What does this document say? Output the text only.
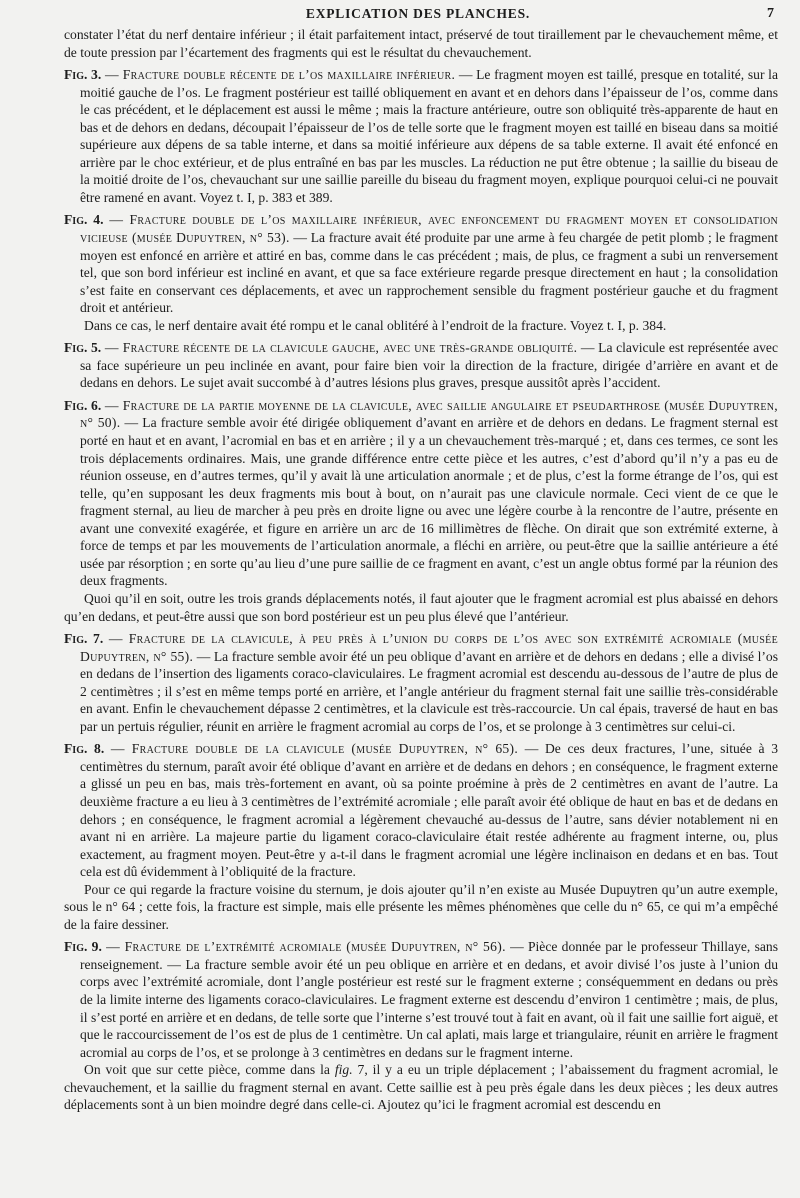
EXPLICATION DES PLANCHES.	7

constater l’état du nerf dentaire inférieur ; il était parfaitement intact, préservé de tout tiraillement par le chevauchement même, et de toute pression par l’écartement des fragments qui est le résultat du chevauchement.

Fig. 3. — Fracture double récente de l’os maxillaire inférieur. — Le fragment moyen est taillé, presque en totalité, sur la moitié gauche de l’os. Le fragment postérieur est taillé obliquement en avant et en dehors dans l’épaisseur de l’os, comme dans le cas précédent, et le déplacement est aussi le même ; mais la fracture antérieure, outre son obliquité très-apparente de haut en bas et de dehors en dedans, découpait l’épaisseur de l’os de telle sorte que le fragment moyen est taillé en biseau dans sa moitié supérieure aux dépens de sa table interne, et dans sa moitié inférieure aux dépens de sa table externe. Il avait été enfoncé en arrière par le choc extérieur, et de plus entraîné en bas par les muscles. La réduction ne put être obtenue ; la saillie du biseau de la moitié droite de l’os, chevauchant sur une saillie pareille du biseau du fragment moyen, explique pourquoi celui-ci ne pouvait être ramené en avant. Voyez t. I, p. 383 et 389.

Fig. 4. — Fracture double de l’os maxillaire inférieur, avec enfoncement du fragment moyen et consolidation vicieuse (musée Dupuytren, n° 53). — La fracture avait été produite par une arme à feu chargée de petit plomb ; le fragment moyen est enfoncé en arrière et attiré en bas, comme dans le cas précédent ; mais, de plus, ce fragment a subi un renversement tel, que son bord inférieur est incliné en avant, et que sa face extérieure regarde presque directement en haut ; la consolidation s’est faite en conservant ces déplacements, et avec un rapprochement sensible du fragment postérieur gauche et du fragment droit et antérieur.

Dans ce cas, le nerf dentaire avait été rompu et le canal oblitéré à l’endroit de la fracture. Voyez t. I, p. 384.

Fig. 5. — Fracture récente de la clavicule gauche, avec une très-grande obliquité. — La clavicule est représentée avec sa face supérieure un peu inclinée en avant, pour faire bien voir la direction de la fracture, dirigée d’arrière en avant et de dedans en dehors. Le sujet avait succombé à d’autres lésions plus graves, presque aussitôt après l’accident.

Fig. 6. — Fracture de la partie moyenne de la clavicule, avec saillie angulaire et pseudarthrose (musée Dupuytren, n° 50). — La fracture semble avoir été dirigée obliquement d’avant en arrière et de dehors en dedans. Le fragment sternal est porté en haut et en avant, l’acromial en bas et en arrière ; il y a un chevauchement très-marqué ; et, dans ces termes, ce sont les trois déplacements ordinaires. Mais, une grande différence entre cette pièce et les autres, c’est d’abord qu’il n’y a pas eu de réunion osseuse, en d’autres termes, qu’il y avait là une articulation anormale ; et de plus, c’est la forme étrange de l’os, qui est telle, qu’en supposant les deux fragments mis bout à bout, on n’aurait pas une clavicule normale. Ceci vient de ce que le fragment sternal, au lieu de marcher à peu près en droite ligne ou avec une légère courbe à la rencontre de l’autre, présente en avant une convexité exagérée, et figure en arrière un arc de 16 millimètres de flèche. On dirait que son extrémité externe, à force de temps et par les mouvements de l’articulation anormale, a fléchi en arrière, ou peut-être que la saillie antérieure a été usée par résorption ; en sorte qu’au lieu d’une pure saillie de ce fragment en avant, c’est un angle obtus formé par la réunion des deux fragments.

Quoi qu’il en soit, outre les trois grands déplacements notés, il faut ajouter que le fragment acromial est plus abaissé en dehors qu’en dedans, et peut-être aussi que son bord postérieur est un peu plus élevé que l’antérieur.

Fig. 7. — Fracture de la clavicule, à peu près à l’union du corps de l’os avec son extrémité acromiale (musée Dupuytren, n° 55). — La fracture semble avoir été un peu oblique d’avant en arrière et de dehors en dedans ; elle a divisé l’os en dedans de l’insertion des ligaments coraco-claviculaires. Le fragment acromial est descendu au-dessous de l’autre de plus de 2 centimètres ; il s’est en même temps porté en arrière, et l’angle antérieur du fragment sternal fait une saillie très-considérable en avant. Enfin le chevauchement dépasse 2 centimètres, et la clavicule est très-raccourcie. Un cal épais, traversé de haut en bas par un pertuis régulier, réunit en arrière le fragment acromial au corps de l’os, et se prolonge à 3 centimètres sur celui-ci.

Fig. 8. — Fracture double de la clavicule (musée Dupuytren, n° 65). — De ces deux fractures, l’une, située à 3 centimètres du sternum, paraît avoir été oblique d’avant en arrière et de dedans en dehors ; en conséquence, le fragment externe a glissé un peu en bas, mais très-fortement en avant, où sa pointe proémine à près de 2 centimètres en avant de l’autre. La deuxième fracture a eu lieu à 3 centimètres de l’extrémité acromiale ; elle paraît avoir été oblique de haut en bas et de dedans en dehors ; en conséquence, le fragment acromial a légèrement chevauché au-dessus de l’autre, sans dévier notablement ni en avant ni en arrière. La majeure partie du ligament coraco-claviculaire était restée adhérente au fragment interne, ou, plus exactement, au fragment moyen. Peut-être y a-t-il dans le fragment acromial une légère inclinaison en dedans et en bas. Tout cela est dû évidemment à l’obliquité de la fracture.

Pour ce qui regarde la fracture voisine du sternum, je dois ajouter qu’il n’en existe au Musée Dupuytren qu’un autre exemple, sous le n° 64 ; cette fois, la fracture est simple, mais elle présente les mêmes phénomènes que celle du n° 65, ce qui m’a empêché de la faire dessiner.

Fig. 9. — Fracture de l’extrémité acromiale (musée Dupuytren, n° 56). — Pièce donnée par le professeur Thillaye, sans renseignement. — La fracture semble avoir été un peu oblique en arrière et en dedans, et avoir divisé l’os juste à l’union du corps avec l’extrémité acromiale, dont l’angle postérieur est resté sur le fragment externe ; conséquemment en dedans ou près de la limite interne des ligaments coraco-claviculaires. Le fragment externe est descendu d’environ 1 centimètre ; mais, de plus, il s’est porté en arrière et en dedans, de telle sorte que l’interne s’est trouvé tout à fait en avant, où il fait une saillie fort aiguë, et que le raccourcissement de l’os est de plus de 1 centimètre. Un cal aplati, mais large et triangulaire, réunit en arrière le fragment acromial au corps de l’os, et se prolonge à 3 centimètres en dedans sur le fragment interne.

On voit que sur cette pièce, comme dans la fig. 7, il y a eu un triple déplacement ; l’abaissement du fragment acromial, le chevauchement, et la saillie du fragment sternal en avant. Cette saillie est à peu près égale dans les deux pièces ; les deux autres déplacements sont à un bien moindre degré dans celle-ci. Ajoutez qu’ici le fragment acromial est descendu en
